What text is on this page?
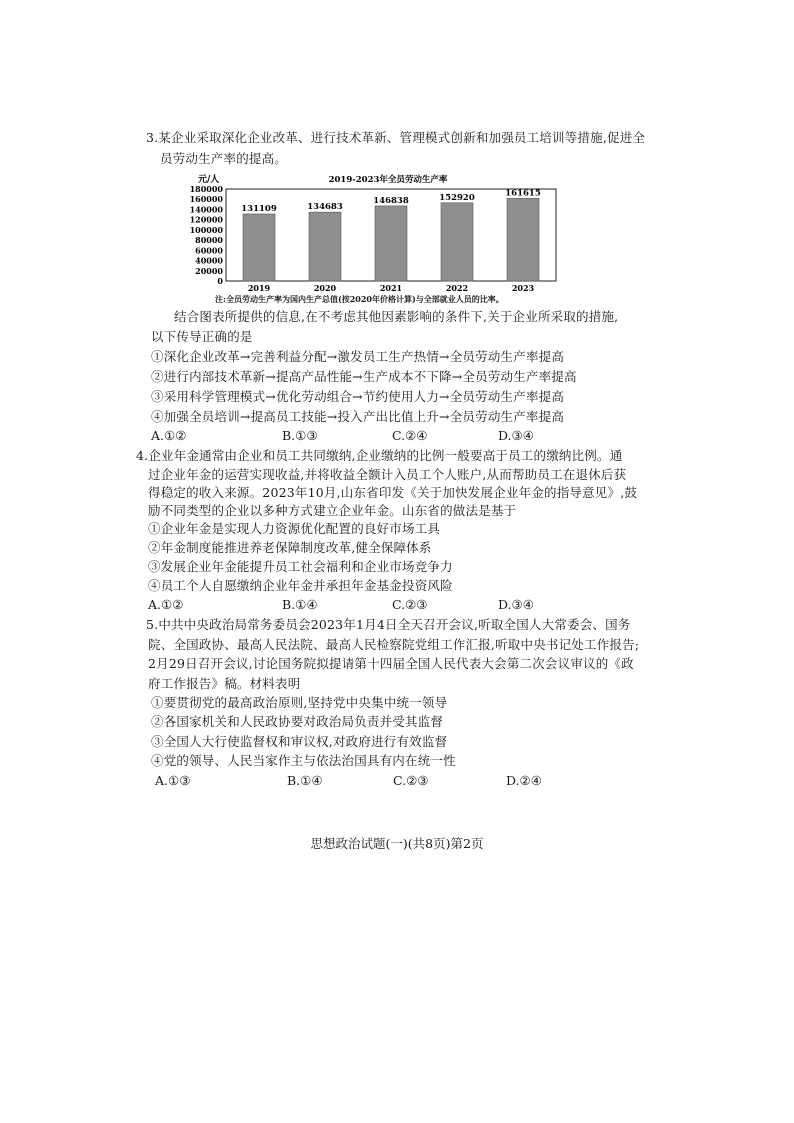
3.某企业采取深化企业改革、进行技术革新、管理模式创新和加强员工培训等措施,促进全
员劳动生产率的提高。
2019-2023年全员劳动生产率
元/人
0
20000
40000
60000
80000
100000
120000
140000
160000
180000
131109	134683
146838	152920	161615
2019	2020	2021	2022	2023
注:全员劳动生产率为国内生产总值(按2020年价格计算)与全部就业人员的比率。
结合图表所提供的信息,在不考虑其他因素影响的条件下,关于企业所采取的措施,
以下传导正确的是
①深化企业改革→完善利益分配→激发员工生产热情→全员劳动生产率提高
②进行内部技术革新→提高产品性能→生产成本不下降→全员劳动生产率提高
③采用科学管理模式→优化劳动组合→节约使用人力→全员劳动生产率提高
④加强全员培训→提高员工技能→投入产出比值上升→全员劳动生产率提高
A.①②	B.①③	C.②④	D.③④
4.企业年金通常由企业和员工共同缴纳,企业缴纳的比例一般要高于员工的缴纳比例。通
过企业年金的运营实现收益,并将收益全额计入员工个人账户,从而帮助员工在退休后获
得稳定的收入来源。2023年10月,山东省印发《关于加快发展企业年金的指导意见》,鼓
励不同类型的企业以多种方式建立企业年金。山东省的做法是基于
①企业年金是实现人力资源优化配置的良好市场工具
②年金制度能推进养老保障制度改革,健全保障体系
③发展企业年金能提升员工社会福利和企业市场竞争力
④员工个人自愿缴纳企业年金并承担年金基金投资风险
A.①②	B.①④	C.②③	D.③④
5.中共中央政治局常务委员会2023年1月4日全天召开会议,听取全国人大常委会、国务
院、全国政协、最高人民法院、最高人民检察院党组工作汇报,听取中央书记处工作报告;
2月29日召开会议,讨论国务院拟提请第十四届全国人民代表大会第二次会议审议的《政
府工作报告》稿。材料表明
①要贯彻党的最高政治原则,坚持党中央集中统一领导
②各国家机关和人民政协要对政治局负责并受其监督
③全国人大行使监督权和审议权,对政府进行有效监督
④党的领导、人民当家作主与依法治国具有内在统一性
A.①③	B.①④	C.②③	D.②④
思想政治试题(一)(共8页)第2页
